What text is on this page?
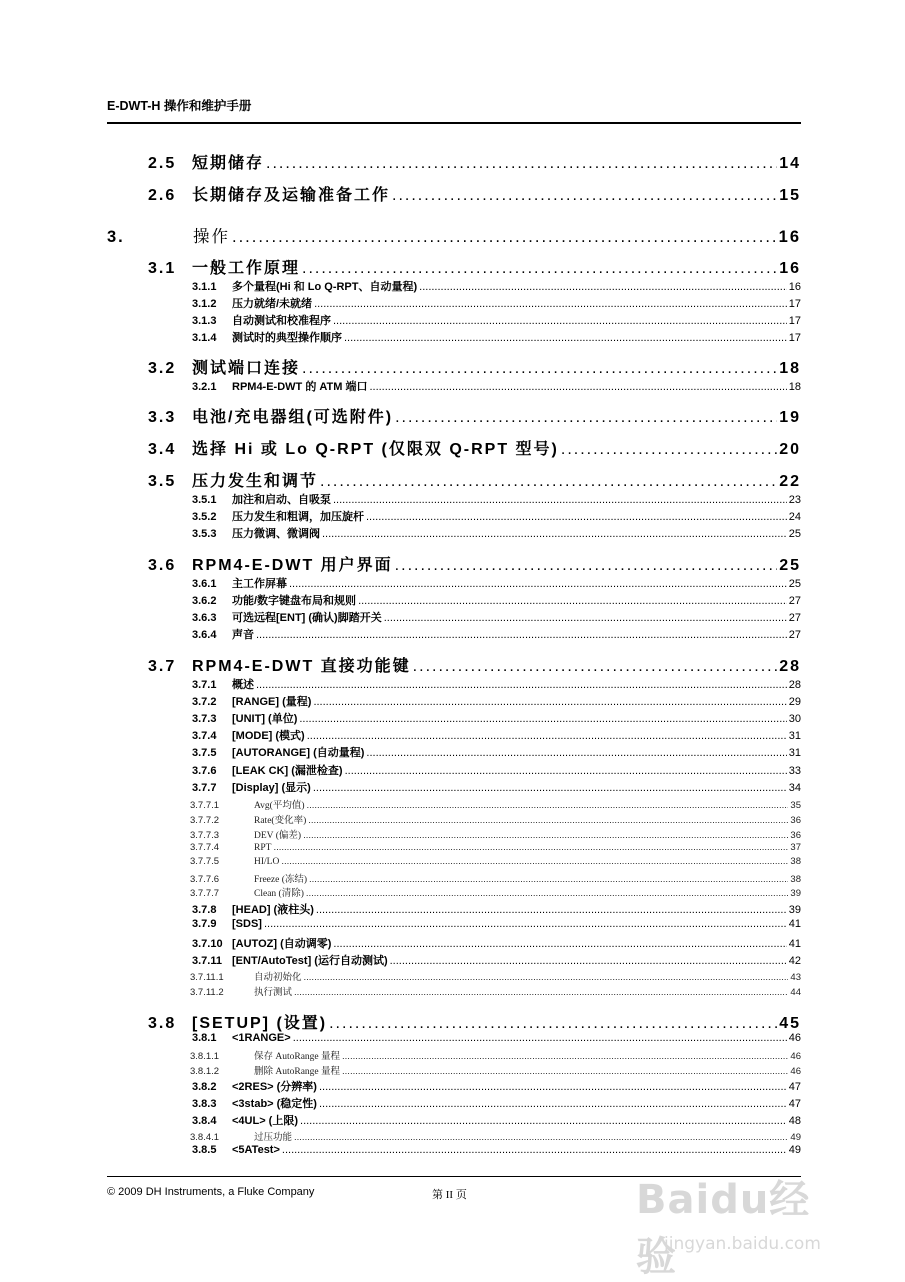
E-DWT-H 操作和维护手册
2.5 短期储存 .....	14
2.6 长期储存及运输准备工作 .....	15
3.	操作 .....	16
3.1 一般工作原理 .....	16
3.1.1	多个量程(Hi 和 Lo Q-RPT、自动量程) .....	16
3.1.2	压力就绪/未就绪 .....	17
3.1.3	自动测试和校准程序 .....	17
3.1.4	测试时的典型操作顺序 .....	17
3.2 测试端口连接 .....	18
3.2.1	RPM4-E-DWT 的 ATM 端口 .....	18
3.3 电池/充电器组(可选附件) .....	19
3.4 选择 Hi 或 Lo Q-RPT (仅限双 Q-RPT 型号) .....	20
3.5 压力发生和调节 .....	22
3.5.1	加注和启动、自吸泵 .....	23
3.5.2	压力发生和粗调，加压旋杆 .....	24
3.5.3	压力微调、微调阀 .....	25
3.6 RPM4-E-DWT 用户界面 .....	25
3.6.1	主工作屏幕 .....	25
3.6.2	功能/数字键盘布局和规则 .....	27
3.6.3	可选远程[ENT] (确认)脚踏开关 .....	27
3.6.4	声音 .....	27
3.7 RPM4-E-DWT 直接功能键 .....	28
3.7.1	概述 .....	28
3.7.2	[RANGE] (量程) .....	29
3.7.3	[UNIT] (单位) .....	30
3.7.4	[MODE] (模式) .....	31
3.7.5	[AUTORANGE] (自动量程) .....	31
3.7.6	[LEAK CK] (漏泄检查) .....	33
3.7.7	[Display] (显示) .....	34
3.7.7.1	Avg(平均值) .....	35
3.7.7.2	Rate(变化率) .....	36
3.7.7.3	DEV (偏差) .....	36
3.7.7.4	RPT .....	37
3.7.7.5	HI/LO .....	38
3.7.7.6	Freeze (冻结) .....	38
3.7.7.7	Clean (清除) .....	39
3.7.8	[HEAD] (液柱头) .....	39
3.7.9	[SDS] .....	41
3.7.10 [AUTOZ] (自动调零) .....	41
3.7.11 [ENT/AutoTest] (运行自动测试) .....	42
3.7.11.1	自动初始化 .....	43
3.7.11.2	执行测试 .....	44
3.8 [SETUP] (设置) .....	45
3.8.1	<1RANGE> .....	46
3.8.1.1	保存 AutoRange 量程 .....	46
3.8.1.2	删除 AutoRange 量程 .....	46
3.8.2	<2RES> (分辨率) .....	47
3.8.3	<3stab> (稳定性) .....	47
3.8.4	<4UL> (上限) .....	48
3.8.4.1	过压功能 .....	49
3.8.5	<5ATest> .....	49
© 2009 DH Instruments, a Fluke Company	第 II 页	Baidu经验
jingyan.baidu.com
